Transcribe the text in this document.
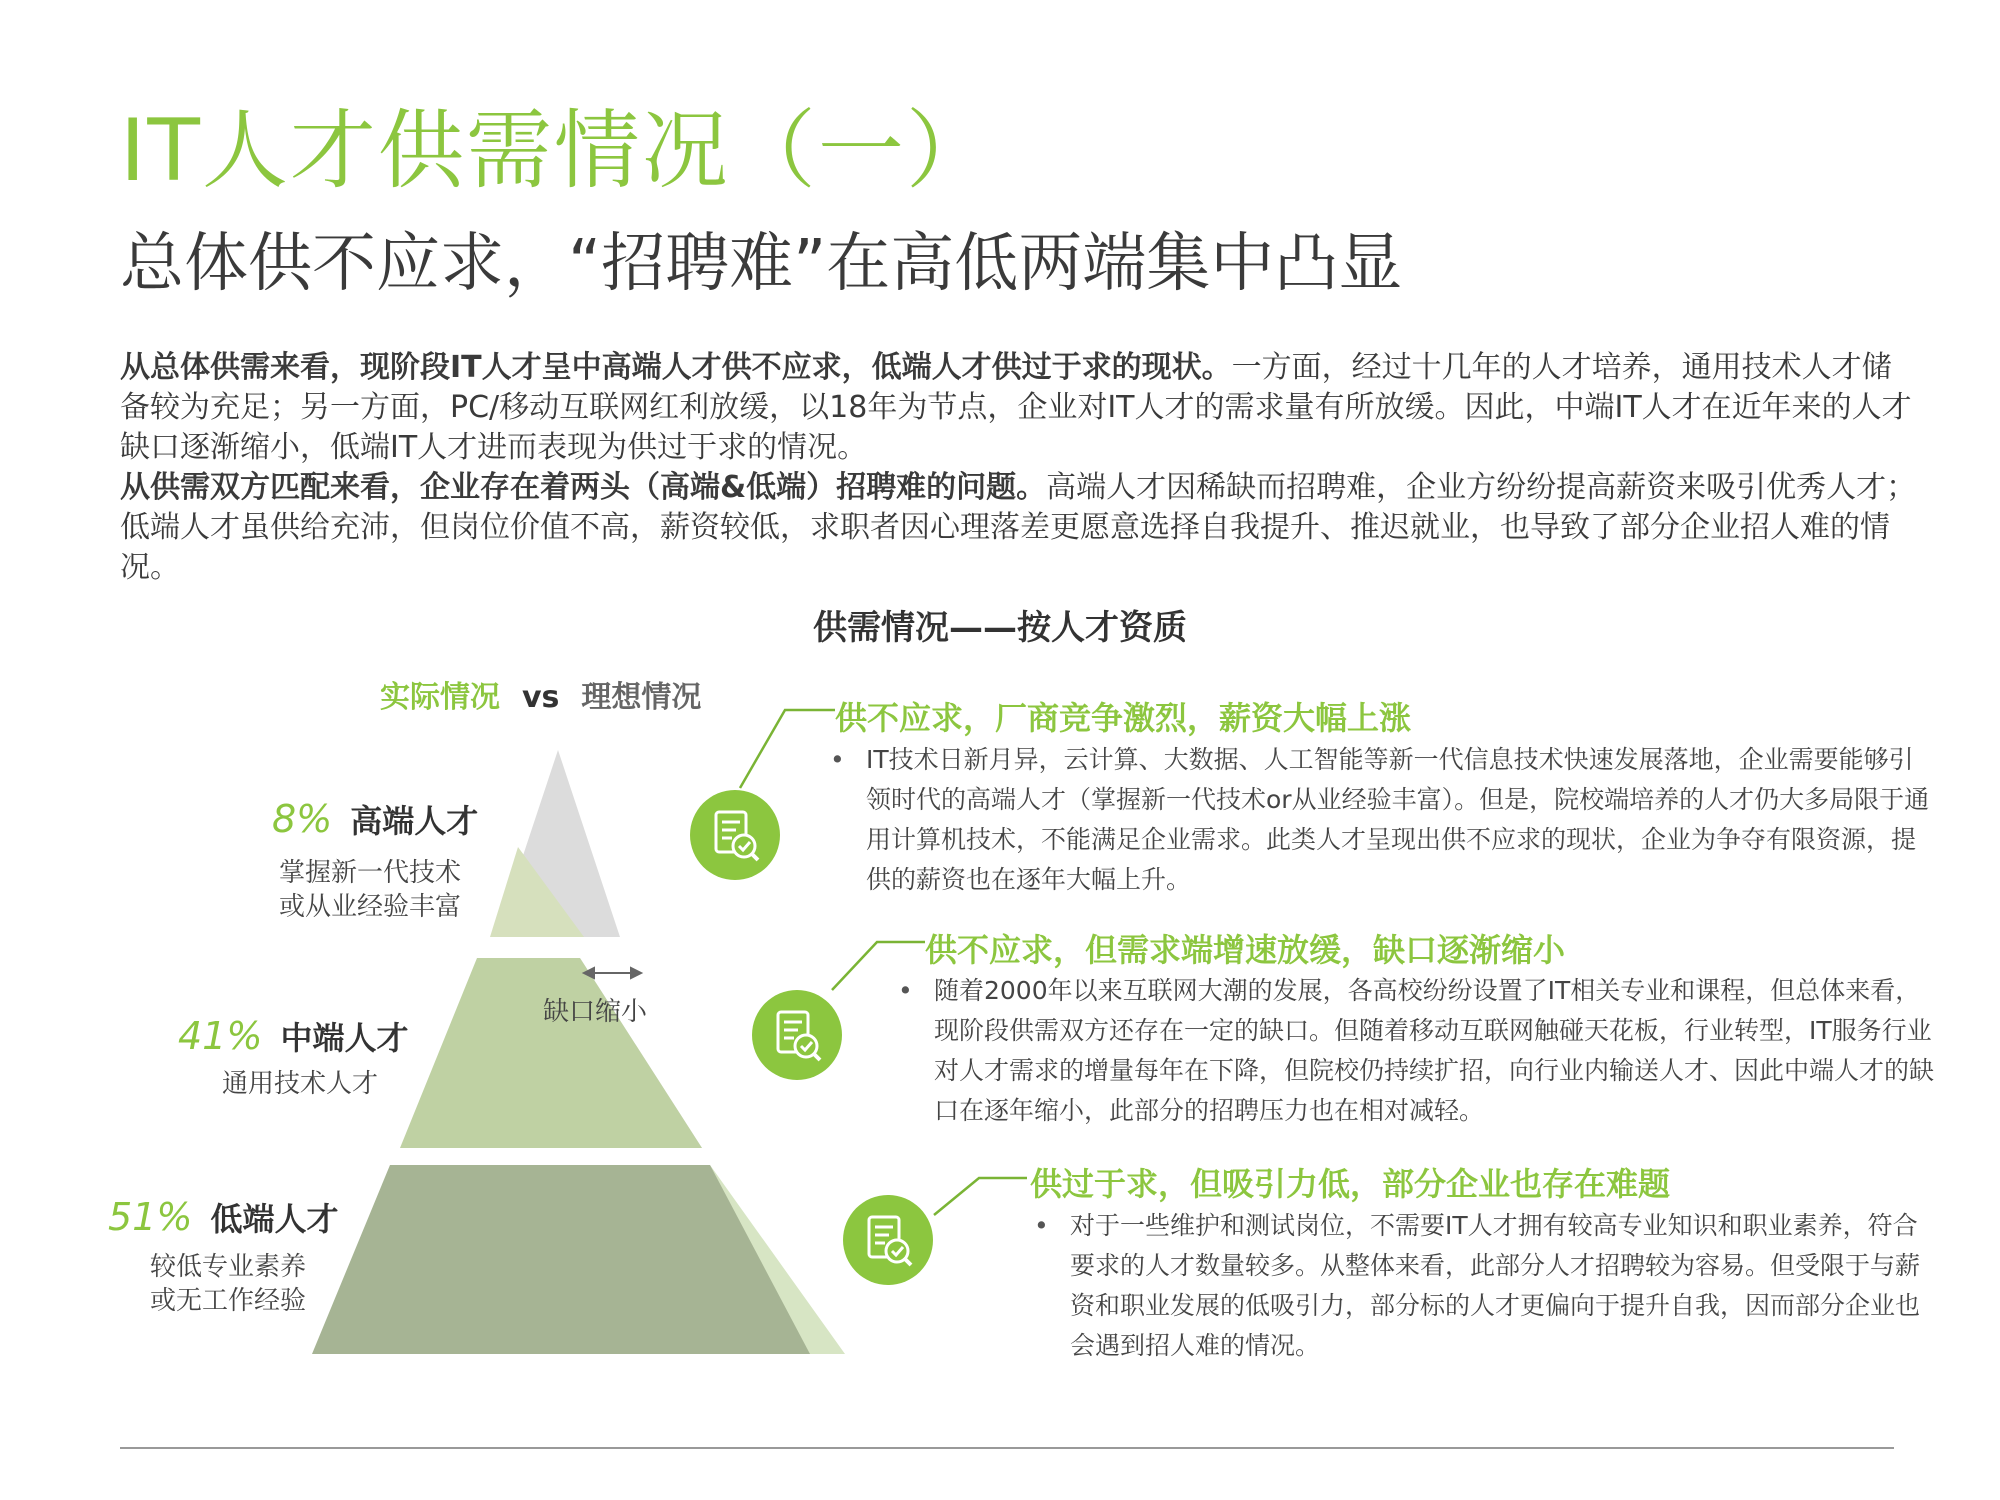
IT人才供需情况（一）
总体供不应求，“招聘难”在高低两端集中凸显

从总体供需来看，现阶段IT人才呈中高端人才供不应求，低端人才供过于求的现状。一方面，经过十几年的人才培养，通用技术人才储备较为充足；另一方面，PC/移动互联网红利放缓，以18年为节点，企业对IT人才的需求量有所放缓。因此，中端IT人才在近年来的人才缺口逐渐缩小，低端IT人才进而表现为供过于求的情况。

从供需双方匹配来看，企业存在着两头（高端&低端）招聘难的问题。高端人才因稀缺而招聘难，企业方纷纷提高薪资来吸引优秀人才；低端人才虽供给充沛，但岗位价值不高，薪资较低，求职者因心理落差更愿意选择自我提升、推迟就业，也导致了部分企业招人难的情况。

供需情况——按人才资质
实际情况 vs 理想情况
缺口缩小
8% 高端人才
掌握新一代技术
或从业经验丰富
41% 中端人才
通用技术人才
51% 低端人才
较低专业素养
或无工作经验
供不应求，厂商竞争激烈，薪资大幅上涨
• IT技术日新月异，云计算、大数据、人工智能等新一代信息技术快速发展落地，企业需要能够引领时代的高端人才（掌握新一代技术or从业经验丰富）。但是，院校端培养的人才仍大多局限于通用计算机技术，不能满足企业需求。此类人才呈现出供不应求的现状，企业为争夺有限资源，提供的薪资也在逐年大幅上升。
供不应求，但需求端增速放缓，缺口逐渐缩小
• 随着2000年以来互联网大潮的发展，各高校纷纷设置了IT相关专业和课程，但总体来看，现阶段供需双方还存在一定的缺口。但随着移动互联网触碰天花板，行业转型，IT服务行业对人才需求的增量每年在下降，但院校仍持续扩招，向行业内输送人才、因此中端人才的缺口在逐年缩小，此部分的招聘压力也在相对减轻。
供过于求，但吸引力低，部分企业也存在难题
• 对于一些维护和测试岗位，不需要IT人才拥有较高专业知识和职业素养，符合要求的人才数量较多。从整体来看，此部分人才招聘较为容易。但受限于与薪资和职业发展的低吸引力，部分标的人才更偏向于提升自我，因而部分企业也会遇到招人难的情况。
